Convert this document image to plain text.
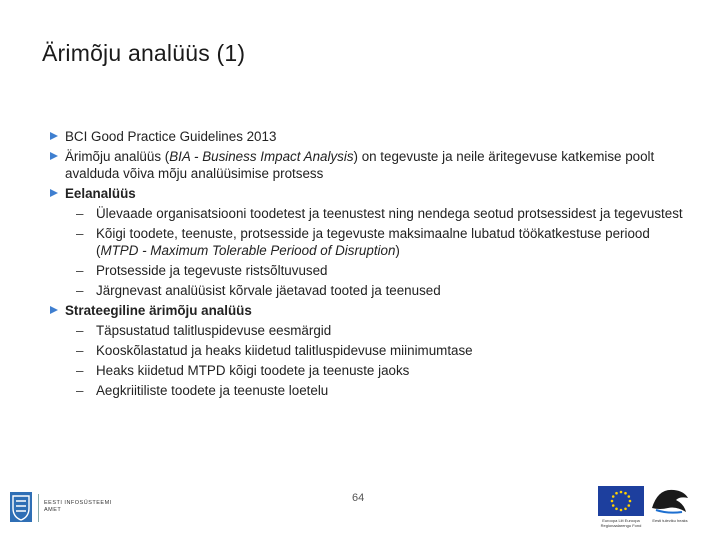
Ärimõju analüüs (1)
BCI Good Practice Guidelines 2013
Ärimõju analüüs (BIA - Business Impact Analysis) on tegevuste ja neile äritegevuse katkemise poolt avalduda võiva mõju analüüsimise protsess
Eelanalüüs
– Ülevaade organisatsiooni toodetest ja teenustest ning nendega seotud protsessidest ja tegevustest
– Kõigi toodete, teenuste, protsesside ja tegevuste maksimaalne lubatud töökatkestuse periood (MTPD - Maximum Tolerable Periood of Disruption)
– Protsesside ja tegevuste ristsõltuvused
– Järgnevast analüüsist kõrvale jäetavad tooted ja teenused
Strateegiline ärimõju analüüs
– Täpsustatud talitluspidevuse eesmärgid
– Kooskõlastatud ja heaks kiidetud talitluspidevuse miinimumtase
– Heaks kiidetud MTPD kõigi toodete ja teenuste jaoks
– Aegkriitiliste toodete ja teenuste loetelu
64
EESTI INFOSÜSTEEMI AMET
Euroopa Liit Euroopa Regionaalarengu Fond
Eesti tuleviku heaks
